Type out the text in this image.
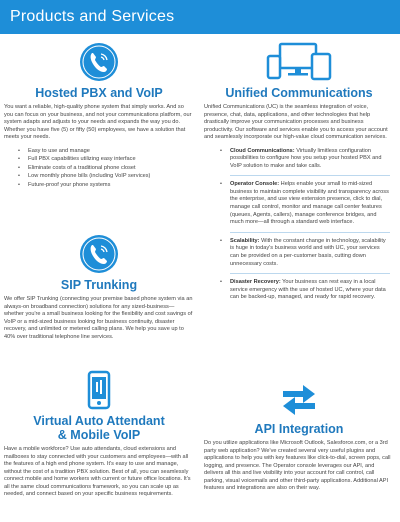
Products and Services
Hosted PBX and VoIP

You want a reliable, high-quality phone system that simply works. And so you can focus on your business, and not your communications platform, our system adapts and adjusts to your needs and expands the way you do. Whether you have five (5) or fifty (50) employees, we have a solution that meets your needs.

• Easy to use and manage
• Full PBX capabilities utilizing easy interface
• Eliminate costs of a traditional phone closet
• Low monthly phone bills (including VoIP services)
• Future-proof your phone systems
SIP Trunking

We offer SIP Trunking (connecting your premise based phone system via an always-on broadband connection) solutions for any sized-business—whether you're a small business looking for the flexibility and cost savings of VoIP or a mid-sized business looking for business continuity, disaster recovery, and unlimited or metered calling plans. We help you save up to 40% over traditional telephone line services.

Virtual Auto Attendant
& Mobile VoIP

Have a mobile workforce? Use auto attendants, cloud extensions and mailboxes to stay connected with your customers and employees—with all the features of a high end phone system. It's easy to use and manage, without the cost of a tradition PBX solution. Best of all, you can seamlessly connect mobile and home workers with current or future office locations. It's all the same cloud communications framework, so you can scale up as needed, and connect based on your specific business requirements.

Unified Communications

Unified Communications (UC) is the seamless integration of voice, presence, chat, data, applications, and other technologies that help drastically improve your communication processes and business productivity. Our software and services enable you to access your account and seamlessly incorporate our high-value cloud communication services.

• Cloud Communications: Virtually limitless configuration possibilities to configure how you setup your hosted PBX and VoIP solution to make and take calls.
• Operator Console: Helps enable your small to mid-sized business to maintain complete visibility and transparency across the enterprise, and use view extension presence, click to dial, manage call control, monitor and manage call center features (queues, Agents, callers), manage conference bridges, and much more—all through a standard web interface.
• Scalability: With the constant change in technology, scalability is huge in today's business world and with UC, your services can be provided on a per-customer basis, cutting down unnecessary costs.
• Disaster Recovery: Your business can rest easy in a local service emergency with the use of hosted UC, where your data can be backed-up, managed, and ready for rapid recovery.
API Integration

Do you utilize applications like Microsoft Outlook, Salesforce.com, or a 3rd party web application? We've created several very useful plugins and applications to help you with key features like click-to-dial, screen pops, call logging, and presence. The Operator console leverages our API, and delivers all this and live visibility into your account for call control, call parking, visual voicemails and other third-party applications. Additional API features and integrations are also on their way.
